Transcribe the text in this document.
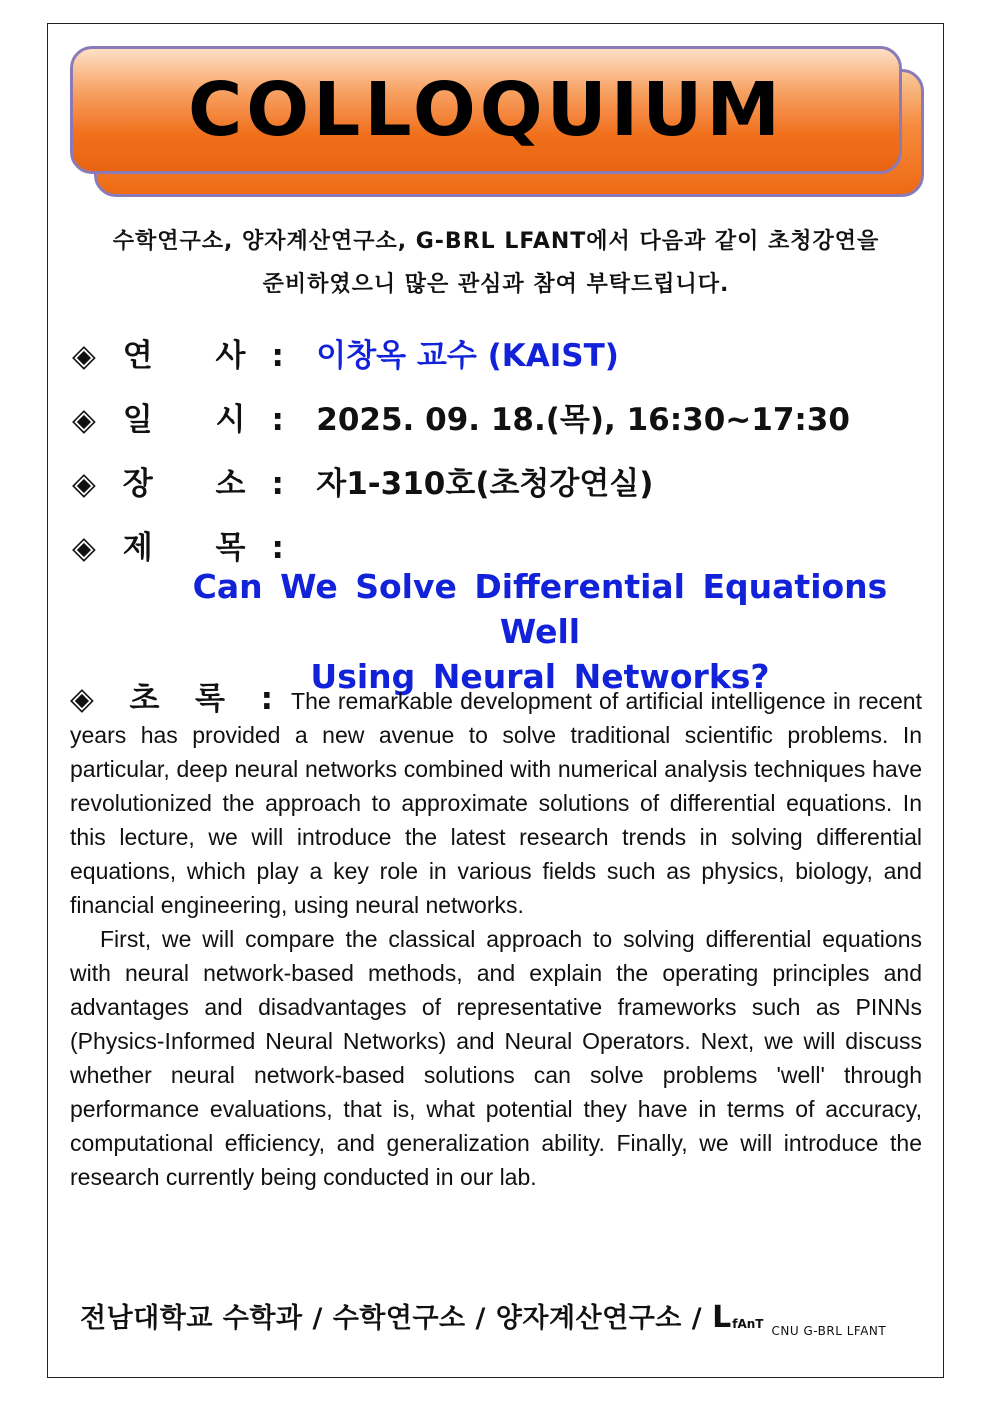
COLLOQUIUM
수학연구소, 양자계산연구소, G-BRL LFANT에서 다음과 같이 초청강연을
준비하였으니 많은 관심과 참여 부탁드립니다.
◈ 연 사: 이창옥 교수 (KAIST)
◈ 일 시: 2025. 09. 18.(목), 16:30~17:30
◈ 장 소: 자1-310호(초청강연실)
◈ 제 목:
Can We Solve Differential Equations Well
Using Neural Networks?

◈ 초 록 : The remarkable development of artificial intelligence in recent years has provided a new avenue to solve traditional scientific problems. In particular, deep neural networks combined with numerical analysis techniques have revolutionized the approach to approximate solutions of differential equations. In this lecture, we will introduce the latest research trends in solving differential equations, which play a key role in various fields such as physics, biology, and financial engineering, using neural networks.

First, we will compare the classical approach to solving differential equations with neural network-based methods, and explain the operating principles and advantages and disadvantages of representative frameworks such as PINNs (Physics-Informed Neural Networks) and Neural Operators. Next, we will discuss whether neural network-based solutions can solve problems 'well' through performance evaluations, that is, what potential they have in terms of accuracy, computational efficiency, and generalization ability. Finally, we will introduce the research currently being conducted in our lab.

전남대학교 수학과 / 수학연구소 / 양자계산연구소 / L fAnT CNU G-BRL LFANT
